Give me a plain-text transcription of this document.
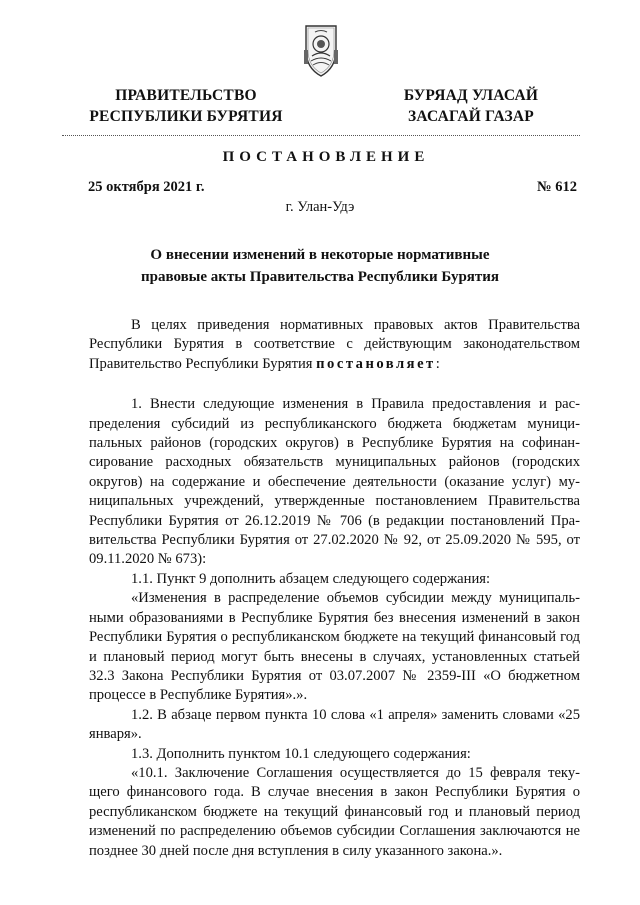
ПРАВИТЕЛЬСТВО
РЕСПУБЛИКИ БУРЯТИЯ
БУРЯАД УЛАСАЙ
ЗАСАГАЙ ГАЗАР
ПОСТАНОВЛЕНИЕ
25 октября 2021 г.	№ 612
г. Улан-Удэ
О внесении изменений в некоторые нормативные
правовые акты Правительства Республики Бурятия

В целях приведения нормативных правовых актов Правительства Республики Бурятия в соответствие с действующим законодательством Правительство Республики Бурятия постановляет:

1. Внести следующие изменения в Правила предоставления и распределения субсидий из республиканского бюджета бюджетам муниципальных районов (городских округов) в Республике Бурятия на софинансирование расходных обязательств муниципальных районов (городских округов) на содержание и обеспечение деятельности (оказание услуг) муниципальных учреждений, утвержденные постановлением Правительства Республики Бурятия от 26.12.2019 № 706 (в редакции постановлений Правительства Республики Бурятия от 27.02.2020 № 92, от 25.09.2020 № 595, от 09.11.2020 № 673):

1.1. Пункт 9 дополнить абзацем следующего содержания:

«Изменения в распределение объемов субсидии между муниципальными образованиями в Республике Бурятия без внесения изменений в закон Республики Бурятия о республиканском бюджете на текущий финансовый год и плановый период могут быть внесены в случаях, установленных статьей 32.3 Закона Республики Бурятия от 03.07.2007 № 2359-III «О бюджетном процессе в Республике Бурятия».».

1.2. В абзаце первом пункта 10 слова «1 апреля» заменить словами «25 января».

1.3. Дополнить пунктом 10.1 следующего содержания:

«10.1. Заключение Соглашения осуществляется до 15 февраля текущего финансового года. В случае внесения в закон Республики Бурятия о республиканском бюджете на текущий финансовый год и плановый период изменений по распределению объемов субсидии Соглашения заключаются не позднее 30 дней после дня вступления в силу указанного закона.».
